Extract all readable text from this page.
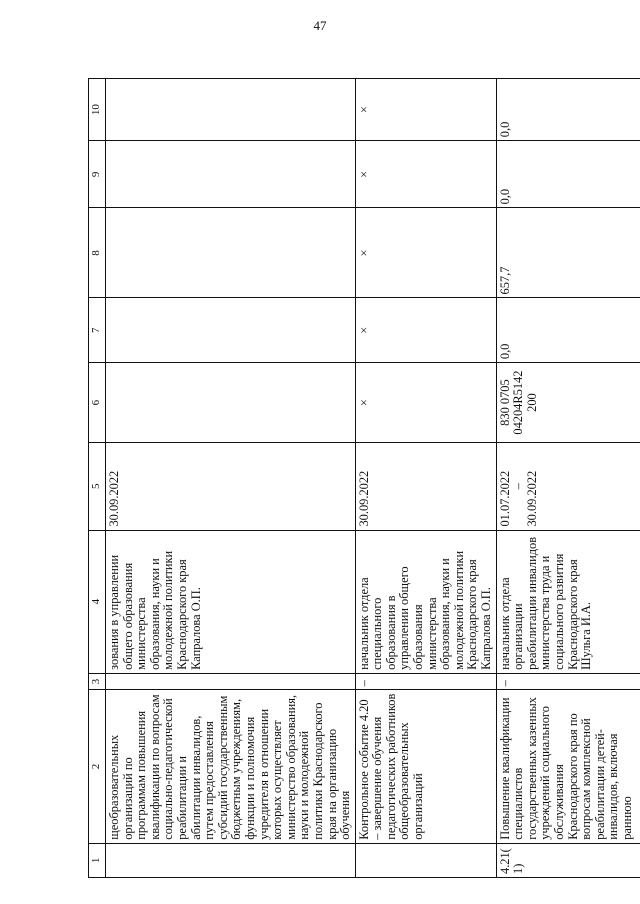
47
1	2	3	4	5	6	7	8	9	10
	щеобразовательных организаций по программам повышения квалификации по вопросам социально-педагогической реабилитации и абилитации инвалидов, путем предоставления субсидий государственным бюджетным учреждениям, функции и полномочия учредителя в отношении которых осуществляет министерство образования, науки и молодежной политики Краснодарского края на организацию обучения		зования в управлении общего образования министерства образования, науки и молодежной политики Краснодарского края Капралова О.П.	30.09.2022					
	Контрольное событие 4.20 – завершение обучения педагогических работников общеобразовательных организаций	–	начальник отдела специального образования в управлении общего образования министерства образования, науки и молодежной политики Краснодарского края Капралова О.П.	30.09.2022	×	×	×	×	×
4.21(1)	Повышение квалификации специалистов государственных казенных учреждений социального обслуживания Краснодарского края по вопросам комплексной реабилитации детей-инвалидов, включая раннюю	–	начальник отдела организации реабилитации инвалидов министерства труда и социального развития Краснодарского края Шульга И.А.	01.07.2022 – 30.09.2022	830 0705 04204R5142 200	0,0	657,7	0,0	0,0
